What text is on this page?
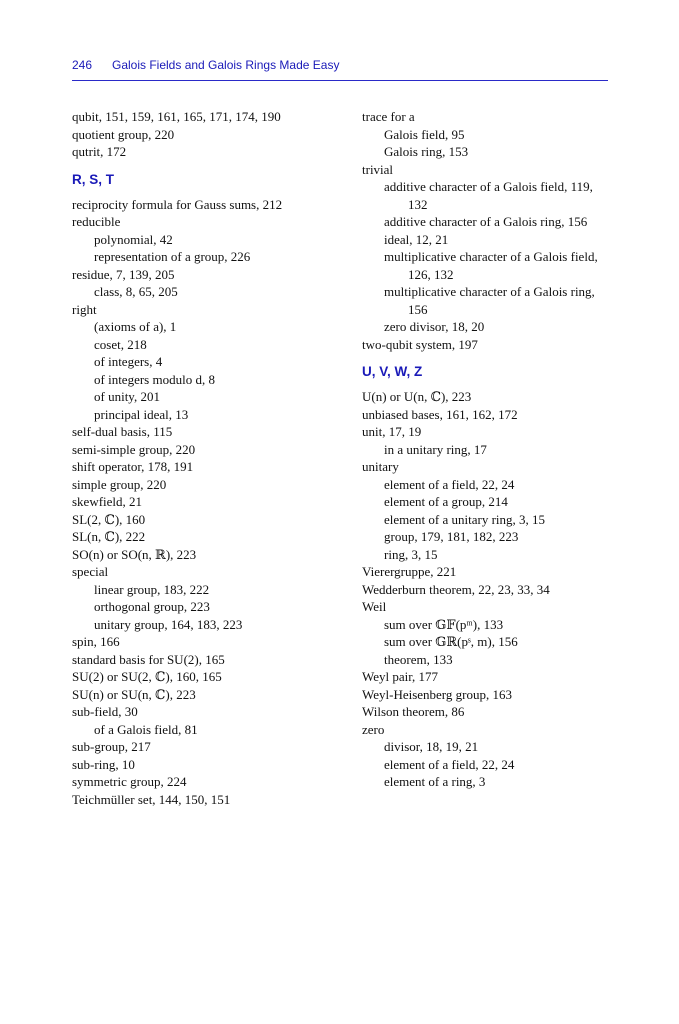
246 Galois Fields and Galois Rings Made Easy
qubit, 151, 159, 161, 165, 171, 174, 190
quotient group, 220
qutrit, 172
R, S, T
reciprocity formula for Gauss sums, 212
reducible
polynomial, 42
representation of a group, 226
residue, 7, 139, 205
class, 8, 65, 205
right
(axioms of a), 1
coset, 218
of integers, 4
of integers modulo d, 8
of unity, 201
principal ideal, 13
self-dual basis, 115
semi-simple group, 220
shift operator, 178, 191
simple group, 220
skewfield, 21
SL(2, ℂ), 160
SL(n, ℂ), 222
SO(n) or SO(n, ℝ), 223
special
linear group, 183, 222
orthogonal group, 223
unitary group, 164, 183, 223
spin, 166
standard basis for SU(2), 165
SU(2) or SU(2, ℂ), 160, 165
SU(n) or SU(n, ℂ), 223
sub-field, 30
of a Galois field, 81
sub-group, 217
sub-ring, 10
symmetric group, 224
Teichmüller set, 144, 150, 151
trace for a
Galois field, 95
Galois ring, 153
trivial
additive character of a Galois field, 119, 132
additive character of a Galois ring, 156
ideal, 12, 21
multiplicative character of a Galois field, 126, 132
multiplicative character of a Galois ring, 156
zero divisor, 18, 20
two-qubit system, 197
U, V, W, Z
U(n) or U(n, ℂ), 223
unbiased bases, 161, 162, 172
unit, 17, 19
in a unitary ring, 17
unitary
element of a field, 22, 24
element of a group, 214
element of a unitary ring, 3, 15
group, 179, 181, 182, 223
ring, 3, 15
Vierergruppe, 221
Wedderburn theorem, 22, 23, 33, 34
Weil
sum over 𝔾𝔽(pᵐ), 133
sum over 𝔾ℝ(pˢ, m), 156
theorem, 133
Weyl pair, 177
Weyl-Heisenberg group, 163
Wilson theorem, 86
zero
divisor, 18, 19, 21
element of a field, 22, 24
element of a ring, 3
